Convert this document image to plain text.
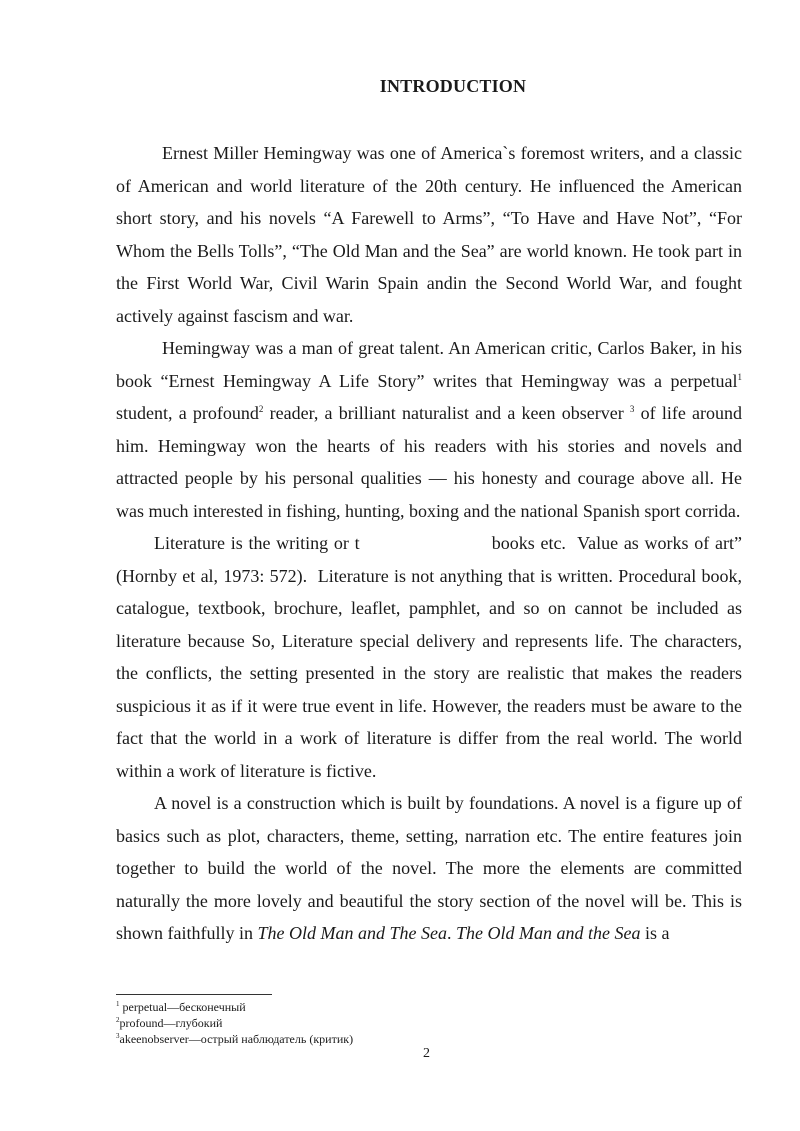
INTRODUCTION

Ernest Miller Hemingway was one of America`s foremost writers, and a classic of American and world literature of the 20th century. He influenced the American short story, and his novels “A Farewell to Arms”, “To Have and Have Not”, “For Whom the Bells Tolls”, “The Old Man and the Sea” are world known. He took part in the First World War, Civil Warin Spain andin the Second World War, and fought actively against fascism and war.

Hemingway was a man of great talent. An American critic, Carlos Baker, in his book “Ernest Hemingway A Life Story” writes that Hemingway was a perpetual$^1$ student, a profound$^2$ reader, a brilliant naturalist and a keen observer $^3$ of life around him. Hemingway won the hearts of his readers with his stories and novels and attracted people by his personal qualities — his honesty and courage above all. He was much interested in fishing, hunting, boxing and the national Spanish sport corrida.

Literature is the writing or t                       books etc.  Value as works of art” (Hornby et al, 1973: 572).  Literature is not anything that is written. Procedural book, catalogue, textbook, brochure, leaflet, pamphlet, and so on cannot be included as literature because So, Literature special delivery and represents life. The characters, the conflicts, the setting presented in the story are realistic that makes the readers suspicious it as if it were true event in life. However, the readers must be aware to the fact that the world in a work of literature is differ from the real world. The world within a work of literature is fictive.

A novel is a construction which is built by foundations. A novel is a figure up of basics such as plot, characters, theme, setting, narration etc. The entire features join together to build the world of the novel. The more the elements are committed naturally the more lovely and beautiful the story section of the novel will be. This is shown faithfully in The Old Man and The Sea. The Old Man and the Sea is a

$^1$ perpetual—бесконечный
$^2$profound—глубокий
$^3$akeenobserver—острый наблюдатель (критик)
2
